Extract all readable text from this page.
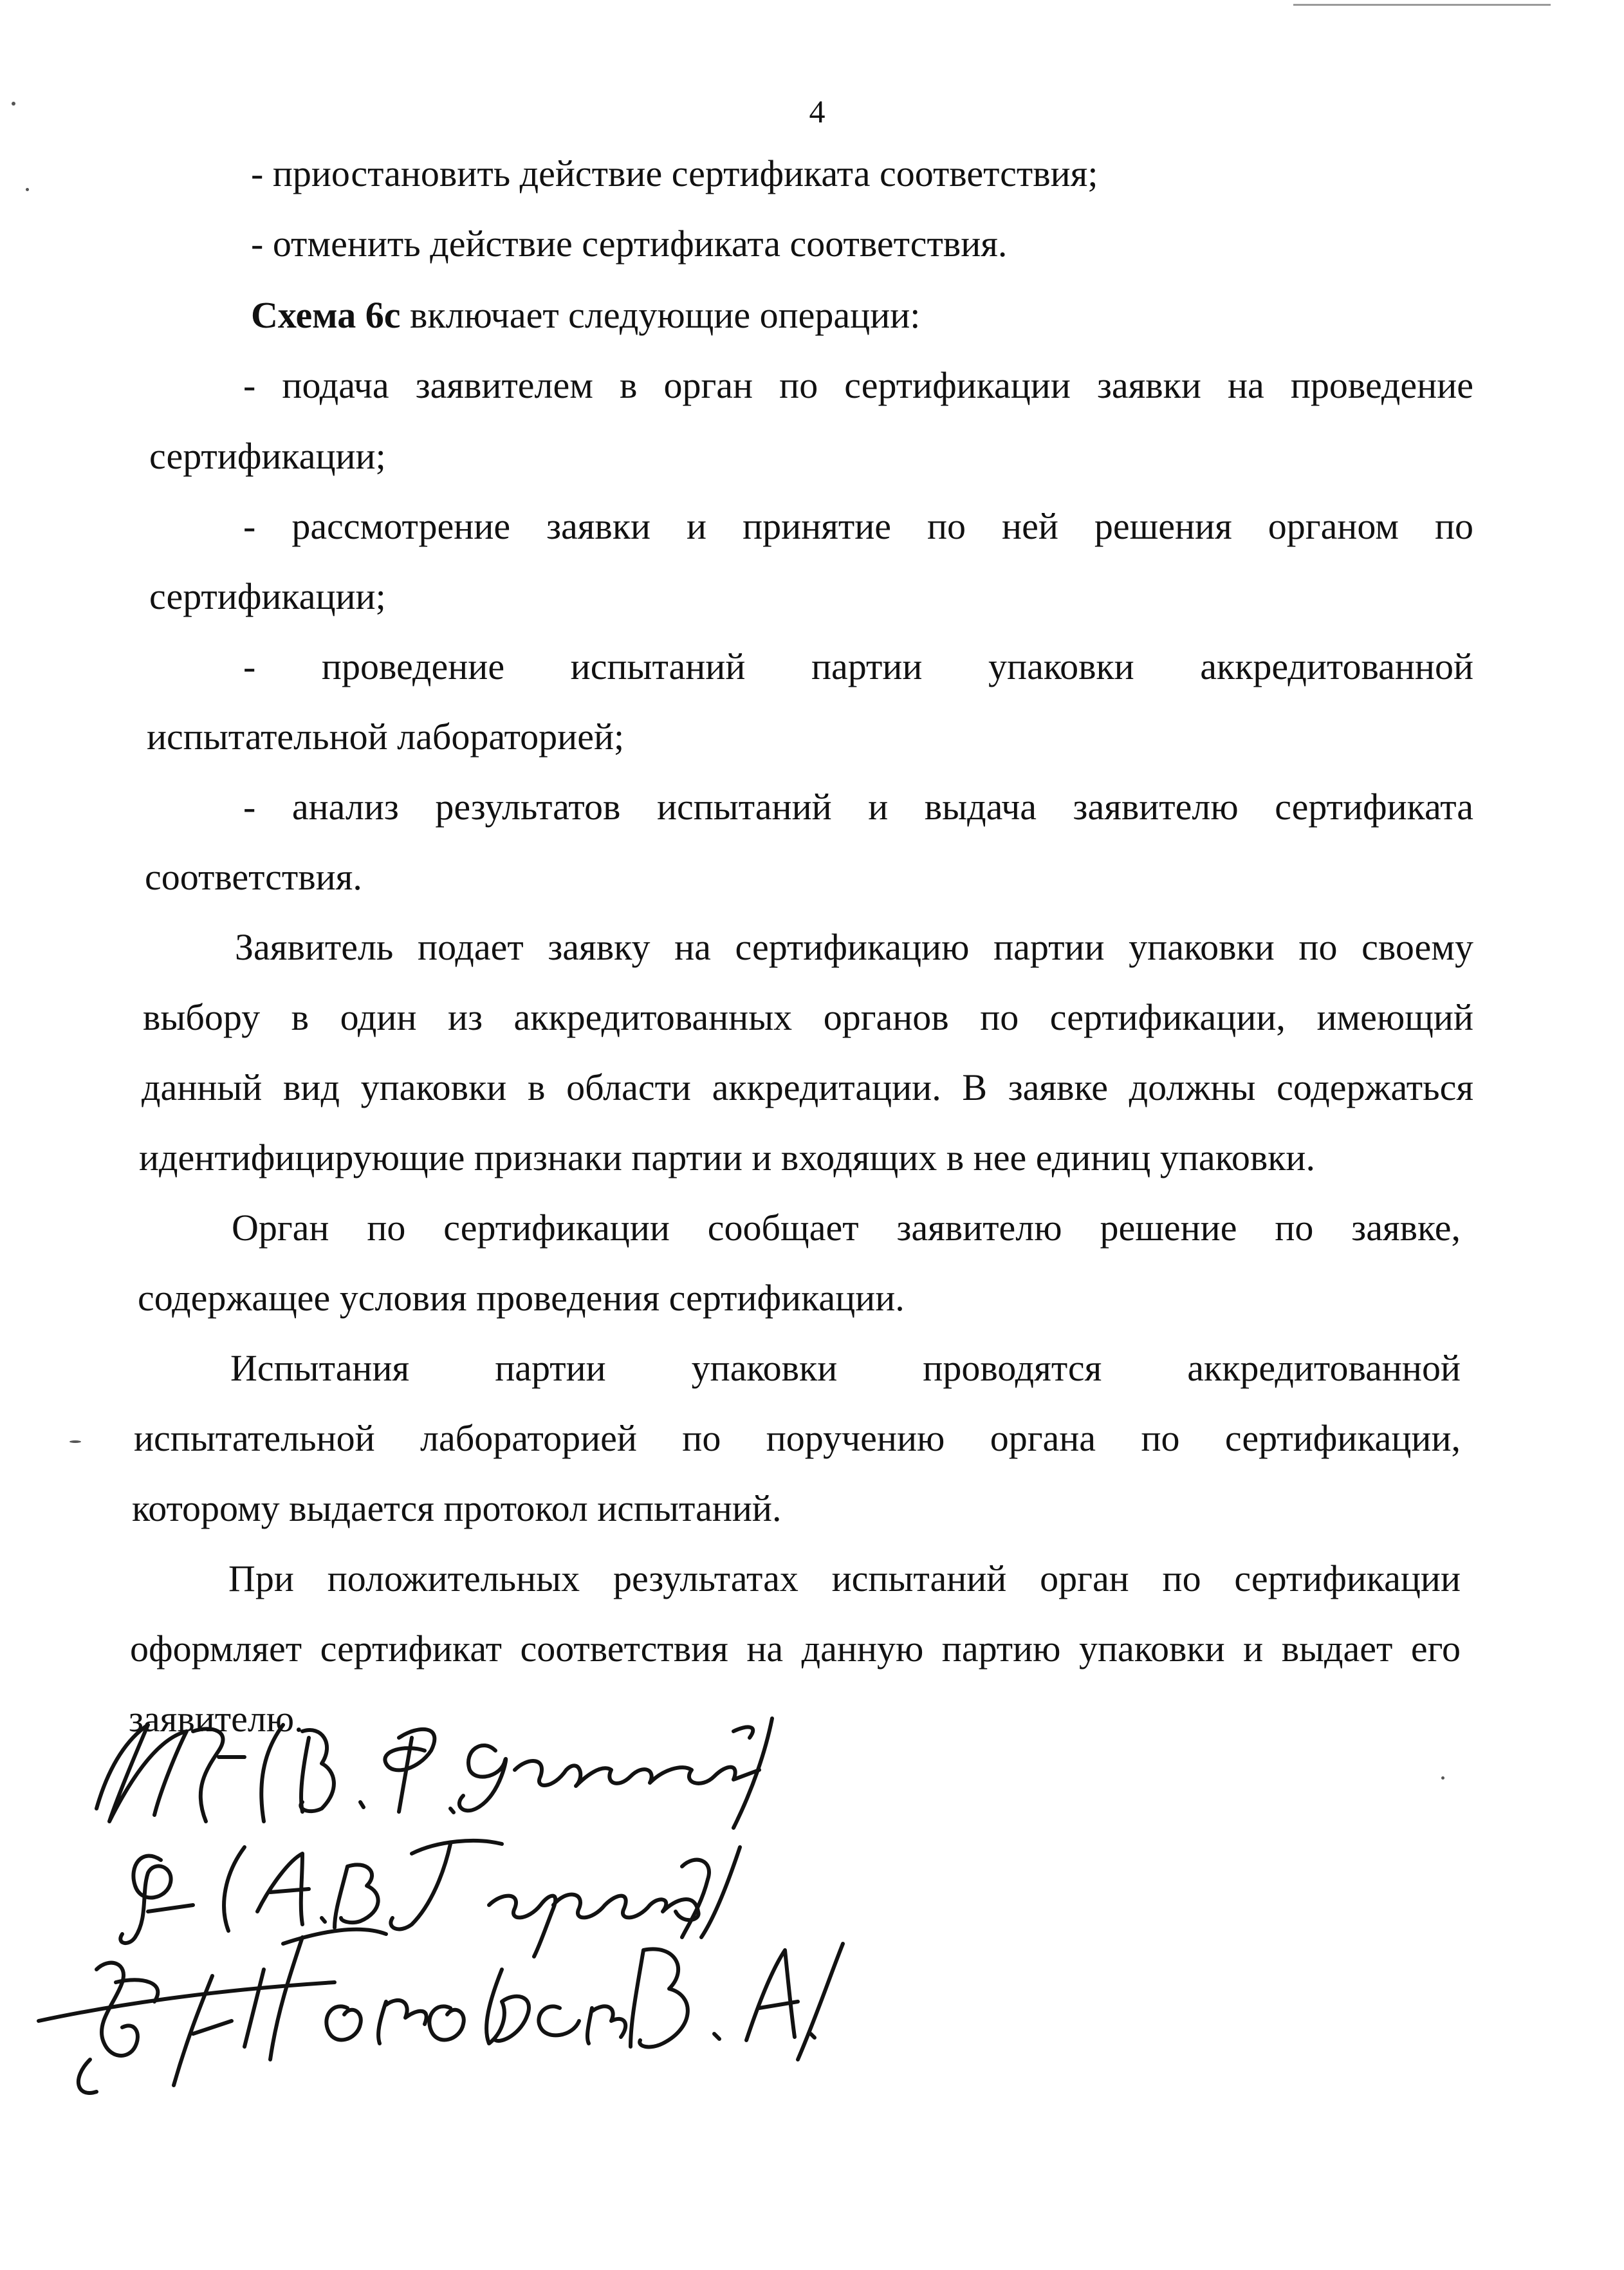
4
- приостановить действие сертификата соответствия;
- отменить действие сертификата соответствия.
Схема 6с включает следующие операции:
- подача заявителем в орган по сертификации заявки на проведение
сертификации;
- рассмотрение заявки и принятие по ней решения органом по
сертификации;
- проведение испытаний партии упаковки аккредитованной
испытательной лабораторией;
- анализ результатов испытаний и выдача заявителю сертификата
соответствия.
Заявитель подает заявку на сертификацию партии упаковки по своему
выбору в один из аккредитованных органов по сертификации, имеющий
данный вид упаковки в области аккредитации. В заявке должны содержаться
идентифицирующие признаки партии и входящих в нее единиц упаковки.
Орган по сертификации сообщает заявителю решение по заявке,
содержащее условия проведения сертификации.
Испытания партии упаковки проводятся аккредитованной
испытательной лабораторией по поручению органа по сертификации,
которому выдается протокол испытаний.
При положительных результатах испытаний орган по сертификации
оформляет сертификат соответствия на данную партию упаковки и выдает его
заявителю.
